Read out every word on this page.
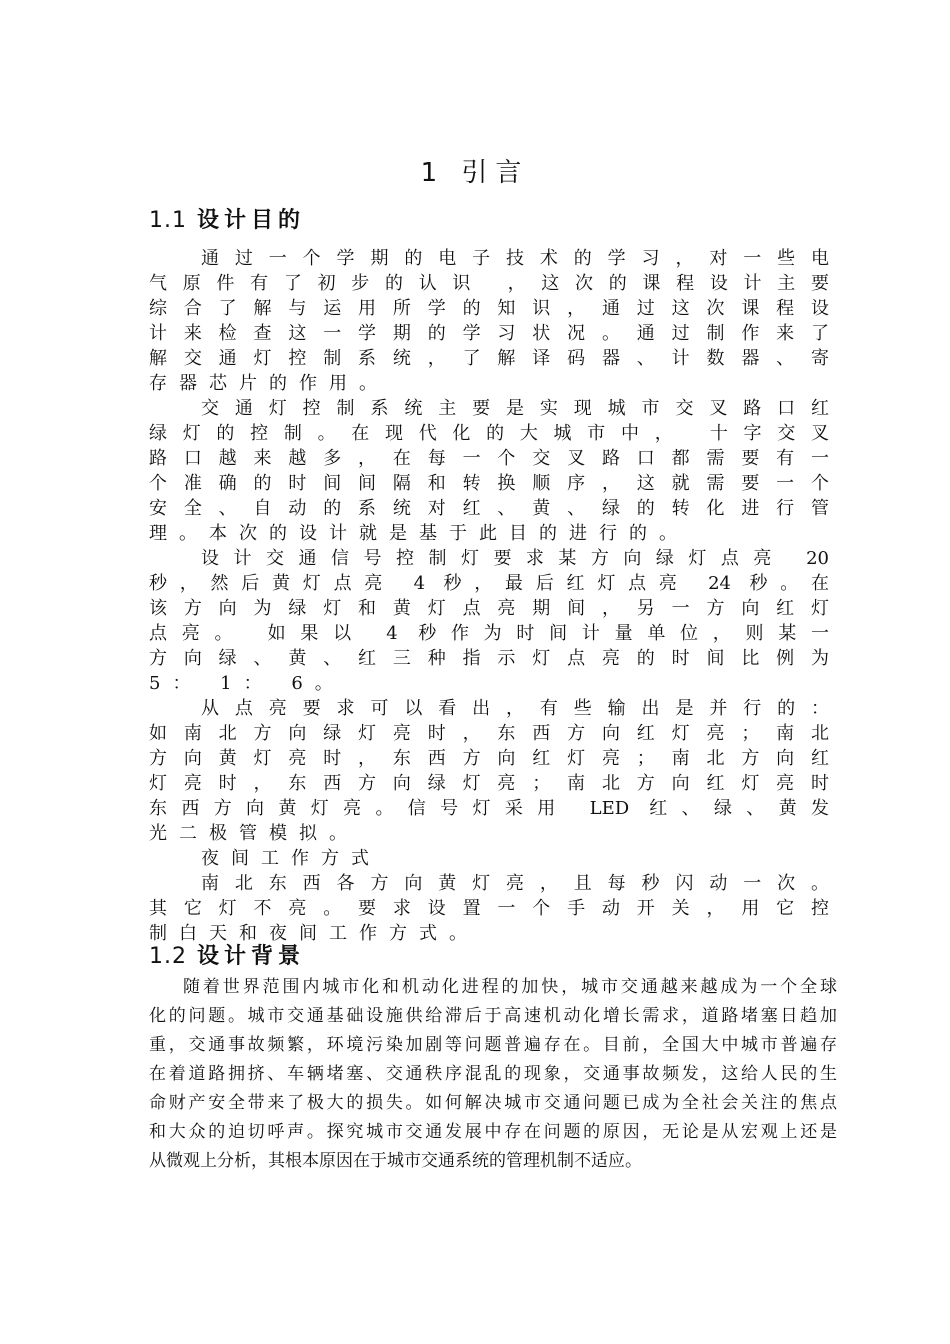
1 引言
1.1 设计目的
通过一个学期的电子技术的学习，对一些电
气原件有了初步的认识 ，这次的课程设计主要
综合了解与运用所学的知识，通过这次课程设
计来检查这一学期的学习状况。通过制作来了
解交通灯控制系统，了解译码器、计数器、寄
存器芯片的作用。
交通灯控制系统主要是实现城市交叉路口红
绿灯的控制。在现代化的大城市中， 十字交叉
路口越来越多，在每一个交叉路口都需要有一
个准确的时间间隔和转换顺序，这就需要一个
安全、自动的系统对红、黄、绿的转化进行管
理。本次的设计就是基于此目的进行的。
设计交通信号控制灯要求某方向绿灯点亮 20
秒，然后黄灯点亮 4 秒，最后红灯点亮 24 秒。在
该方向为绿灯和黄灯点亮期间，另一方向红灯
点亮。 如果以 4 秒作为时间计量单位，则某一
方向绿、黄、红三种指示灯点亮的时间比例为
5： 1： 6。
从点亮要求可以看出，有些输出是并行的：
如南北方向绿灯亮时，东西方向红灯亮；南北
方向黄灯亮时，东西方向红灯亮；南北方向红
灯亮时，东西方向绿灯亮；南北方向红灯亮时
东西方向黄灯亮。信号灯采用 LED 红、绿、黄发
光二极管模拟。
夜间工作方式
南北东西各方向黄灯亮，且每秒闪动一次。
其它灯不亮。要求设置一个手动开关，用它控
制白天和夜间工作方式。
1.2 设计背景
随着世界范围内城市化和机动化进程的加快，城市交通越来越成为一个全球
化的问题。城市交通基础设施供给滞后于高速机动化增长需求，道路堵塞日趋加
重，交通事故频繁，环境污染加剧等问题普遍存在。目前，全国大中城市普遍存
在着道路拥挤、车辆堵塞、交通秩序混乱的现象，交通事故频发，这给人民的生
命财产安全带来了极大的损失。如何解决城市交通问题已成为全社会关注的焦点
和大众的迫切呼声。探究城市交通发展中存在问题的原因，无论是从宏观上还是
从微观上分析，其根本原因在于城市交通系统的管理机制不适应。
